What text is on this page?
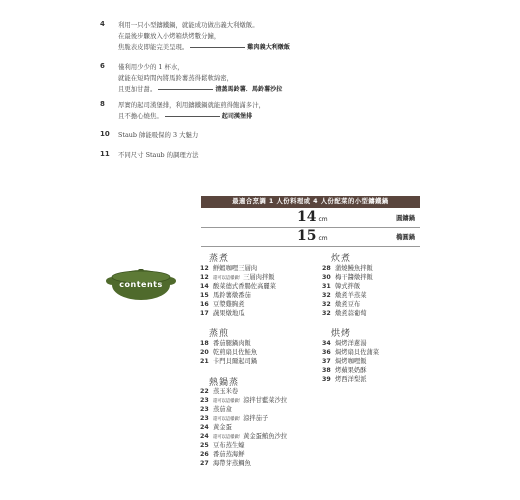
4 利用一只小型鑄鐵鍋，就能成功做出義大利燉飯。
在最後步驟放入小烤箱烘烤數分鐘，
焦脆表皮即能完美呈現。	雞肉義大利燉飯
6 僅利用少少的 1 杯水，
就能在短時間內將馬鈴薯蒸得鬆軟綿密，
且更加甘甜。	清蒸馬鈴薯．馬鈴薯沙拉
8 厚實的起司漢堡排，利用鑄鐵鍋就能煎得飽滿多汁，
且不擔心燒焦。	起司漢堡排
10 Staub 帥能吸保的 3 大魅力
11 不同尺寸 Staub 的調理方法
最適合烹調 1 人份料理或 4 人份配菜的小型鑄鐵鍋
14 cm	圓鑄鍋
15 cm	橢圓鍋
contents
蒸煮
12 鮮蝦咖哩三層肉
12 還可以這樣做！三層肉拌飯
14 酸菜德式香腸佐高麗菜
15 馬鈴薯燉番茄
16 豆漿雞胸煮
17 蔬果燉地瓜
蒸煎
18 番茄腿鍋肉飯
20 乾煎扇貝佐鮭魚
21 卡門貝爾起司鍋
熱鍋蒸
22 蒸玉米卷
23 還可以這樣做！涼拌甘藍菜沙拉
23 蒸茄盒
23 還可以這樣做！涼拌茄子
24 黃金蛋
24 還可以這樣做！黃金蛋鮪魚沙拉
25 豆布蒸生蠔
26 番茄蒸海鮮
27 海帶芽蒸鯛魚
炊煮
28 蒲燒鰻魚拌飯
30 梅干醬燉拌飯
31 韓式拌飯
32 燉煮羊蒸菜
32 燉煮豆布
32 燉煮蒜葡萄
烘烤
34 焗烤洋蔥湯
36 焗烤扇貝佐蒲菜
37 焗烤咖哩飯
38 烤蘋果奶酥
39 烤西洋梨派
